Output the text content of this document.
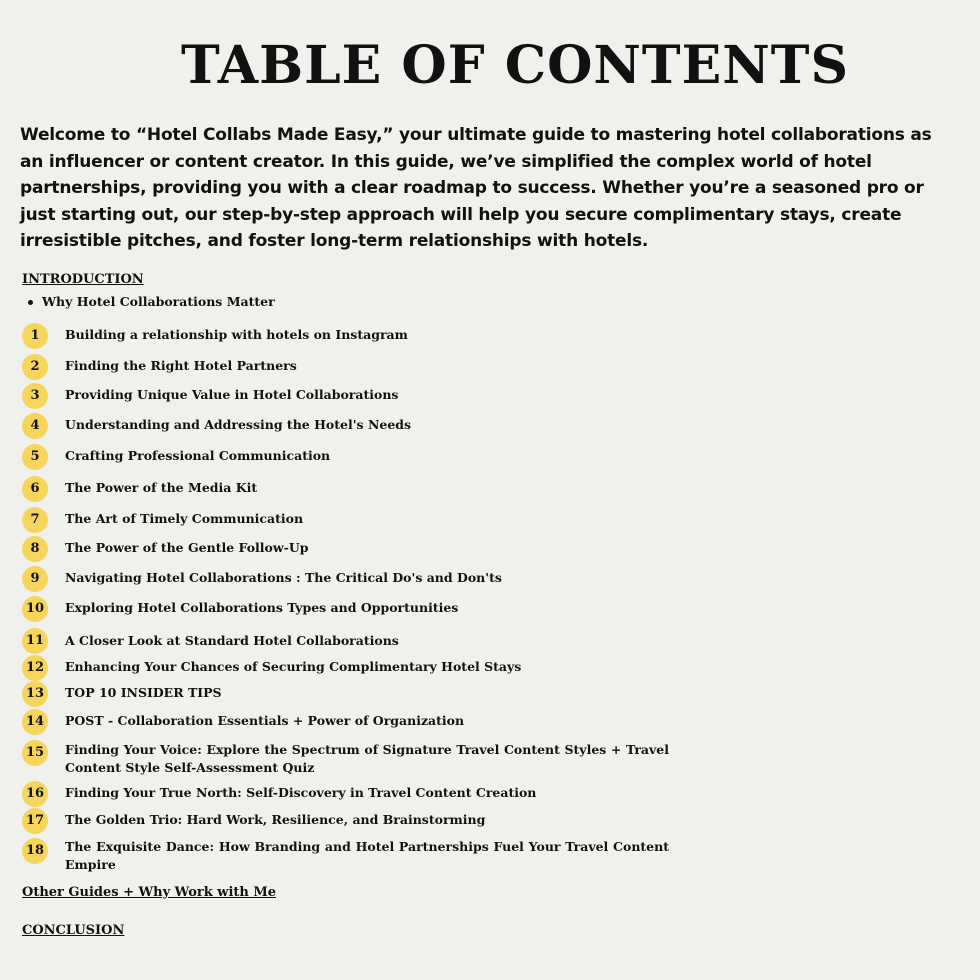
TABLE OF CONTENTS
Welcome to “Hotel Collabs Made Easy,” your ultimate guide to mastering hotel collaborations as an influencer or content creator. In this guide, we’ve simplified the complex world of hotel partnerships, providing you with a clear roadmap to success. Whether you’re a seasoned pro or just starting out, our step-by-step approach will help you secure complimentary stays, create irresistible pitches, and foster long-term relationships with hotels.
INTRODUCTION
Why Hotel Collaborations Matter
1	Building a relationship with hotels on Instagram
2	Finding the Right Hotel Partners
3	Providing Unique Value in Hotel Collaborations
4	Understanding and Addressing the Hotel's Needs
5	Crafting Professional Communication
6	The Power of the Media Kit
7	The Art of Timely Communication
8	The Power of the Gentle Follow-Up
9	Navigating Hotel Collaborations : The Critical Do's and Don'ts
10	Exploring Hotel Collaborations Types and Opportunities
11	A Closer Look at Standard Hotel Collaborations
12	Enhancing Your Chances of Securing Complimentary Hotel Stays
13	TOP 10 INSIDER TIPS
14	POST - Collaboration Essentials + Power of Organization
15	Finding Your Voice: Explore the Spectrum of Signature Travel Content Styles + Travel Content Style Self-Assessment Quiz
16	Finding Your True North: Self-Discovery in Travel Content Creation
17	The Golden Trio: Hard Work, Resilience, and Brainstorming
18	The Exquisite Dance: How Branding and Hotel Partnerships Fuel Your Travel Content Empire
Other Guides + Why Work with Me
CONCLUSION
